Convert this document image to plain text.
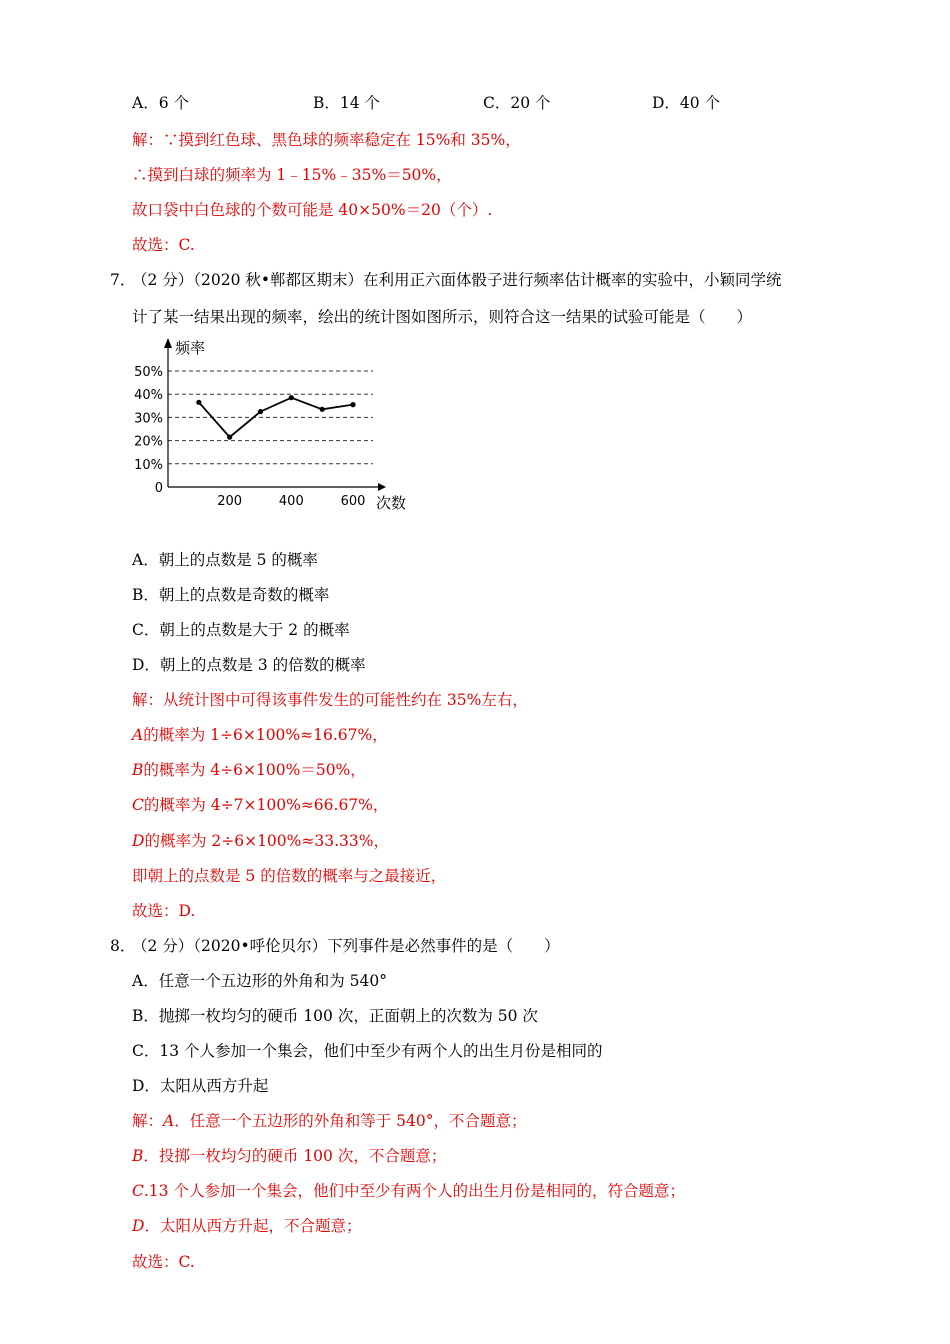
A．6 个	B．14 个	C．20 个	D．40 个
解：∵摸到红色球、黑色球的频率稳定在 15%和 35%，
∴摸到白球的频率为 1﹣15%﹣35%＝50%，
故口袋中白色球的个数可能是 40×50%＝20（个）.
故选：C.
7．
（2 分）（2020 秋•郸都区期末）在利用正六面体骰子进行频率估计概率的实验中，小颖同学统
计了某一结果出现的频率，绘出的统计图如图所示，则符合这一结果的试验可能是（　　）
频率
次数
50%
40%
30%
20%
10%
0
200	400	600
A．朝上的点数是 5 的概率
B．朝上的点数是奇数的概率
C．朝上的点数是大于 2 的概率
D．朝上的点数是 3 的倍数的概率
解：从统计图中可得该事件发生的可能性约在 35%左右，
A的概率为 1÷6×100%≈16.67%，
B的概率为 4÷6×100%＝50%，
C的概率为 4÷7×100%≈66.67%，
D的概率为 2÷6×100%≈33.33%，
即朝上的点数是 5 的倍数的概率与之最接近，
故选：D.
8．
（2 分）（2020•呼伦贝尔）下列事件是必然事件的是（　　）
A．任意一个五边形的外角和为 540°
B．抛掷一枚均匀的硬币 100 次，正面朝上的次数为 50 次
C．13 个人参加一个集会，他们中至少有两个人的出生月份是相同的
D．太阳从西方升起
解：A．任意一个五边形的外角和等于 540°，不合题意；
B．投掷一枚均匀的硬币 100 次，不合题意；
C.13 个人参加一个集会，他们中至少有两个人的出生月份是相同的，符合题意；
D．太阳从西方升起，不合题意；
故选：C.
